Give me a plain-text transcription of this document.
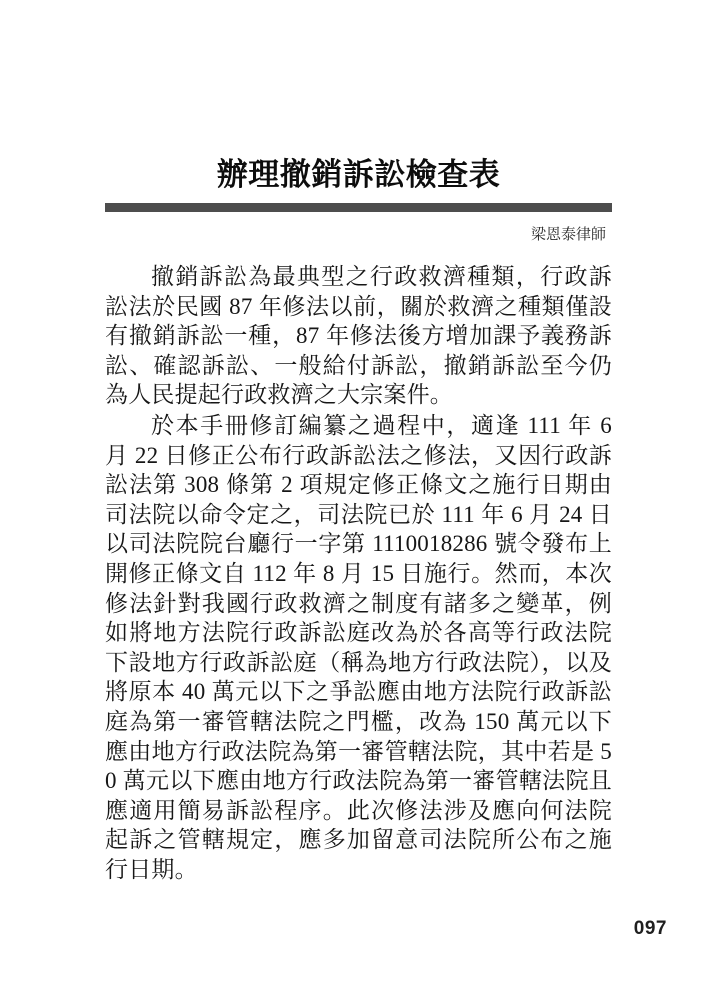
辦理撤銷訴訟檢查表
梁恩泰律師

撤銷訴訟為最典型之行政救濟種類，行政訴訟法於民國 87 年修法以前，關於救濟之種類僅設有撤銷訴訟一種，87 年修法後方增加課予義務訴訟、確認訴訟、一般給付訴訟，撤銷訴訟至今仍為人民提起行政救濟之大宗案件。

於本手冊修訂編纂之過程中，適逢 111 年 6 月 22 日修正公布行政訴訟法之修法，又因行政訴訟法第 308 條第 2 項規定修正條文之施行日期由司法院以命令定之，司法院已於 111 年 6 月 24 日以司法院院台廳行一字第 1110018286 號令發布上開修正條文自 112 年 8 月 15 日施行。然而，本次修法針對我國行政救濟之制度有諸多之變革，例如將地方法院行政訴訟庭改為於各高等行政法院下設地方行政訴訟庭（稱為地方行政法院），以及將原本 40 萬元以下之爭訟應由地方法院行政訴訟庭為第一審管轄法院之門檻，改為 150 萬元以下應由地方行政法院為第一審管轄法院，其中若是 50 萬元以下應由地方行政法院為第一審管轄法院且應適用簡易訴訟程序。此次修法涉及應向何法院起訴之管轄規定，應多加留意司法院所公布之施行日期。

097
